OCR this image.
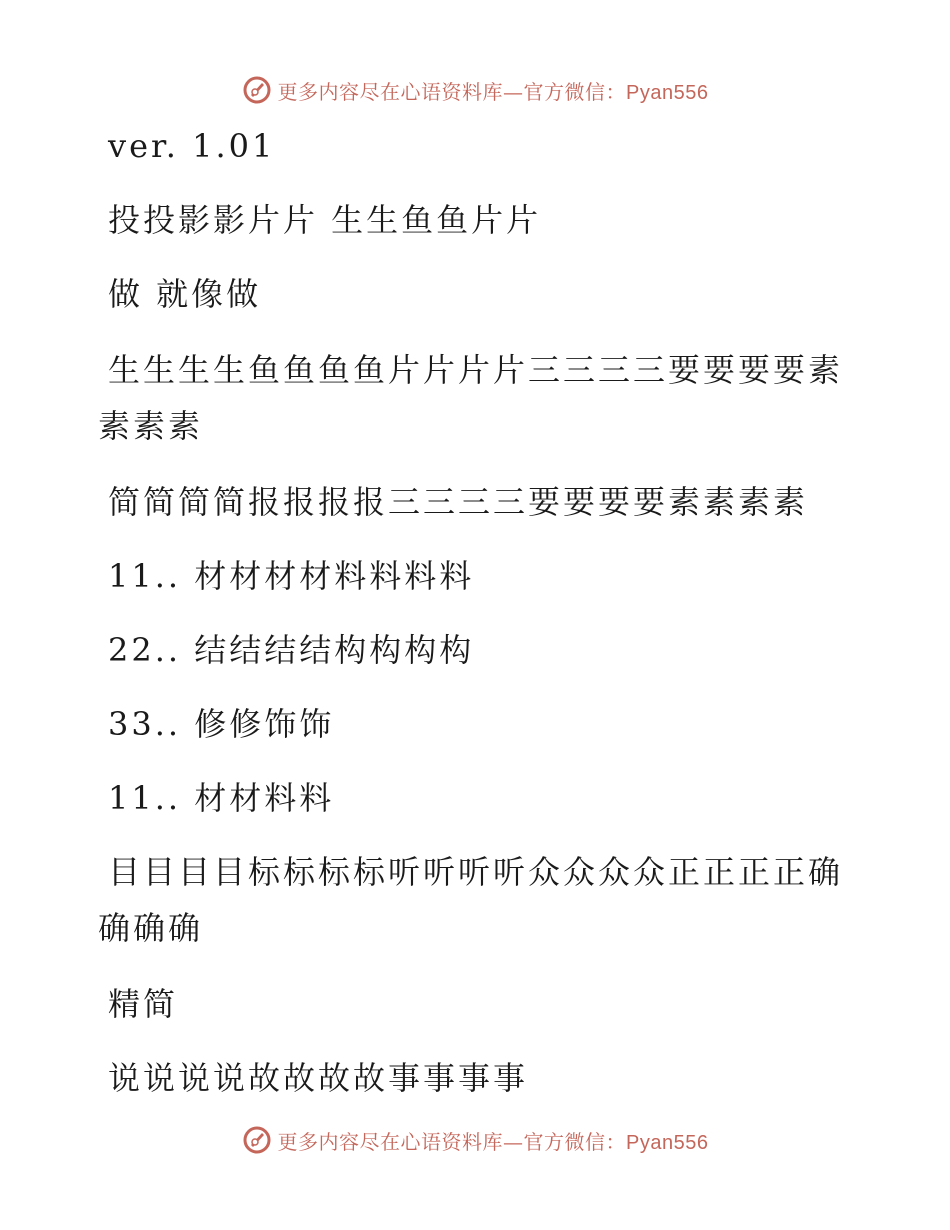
更多内容尽在心语资料库—官方微信：Pyan556
ver. 1.01
投投影影片片 生生鱼鱼片片
做 就像做
生生生生鱼鱼鱼鱼片片片片三三三三要要要要素
素素素
简简简简报报报报三三三三要要要要素素素素
11.. 材材材材料料料料
22.. 结结结结构构构构
33.. 修修饰饰
11.. 材材料料
目目目目标标标标听听听听众众众众正正正正确
确确确
精简
说说说说故故故故事事事事
更多内容尽在心语资料库—官方微信：Pyan556
